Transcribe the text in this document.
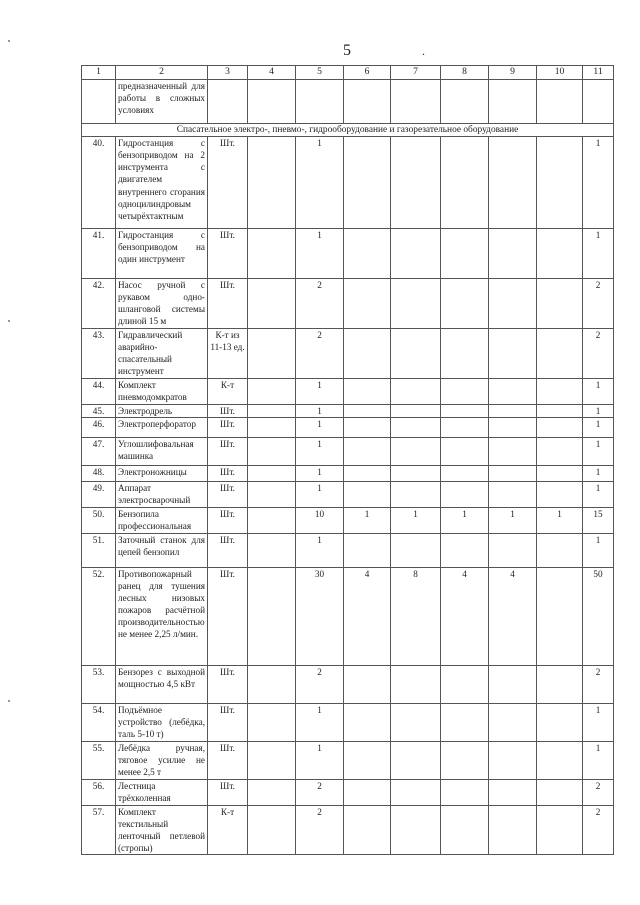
5	.
1	2	3	4	5	6	7	8	9	10	11
	предназначенный для работы в сложных условиях									
Спасательное электро-, пневмо-, гидрооборудование и газорезательное оборудование										
40.	Гидростанция с бензоприводом на 2 инструмента с двигателем внутреннего сгорания одноцилиндровым четырёхтактным	Шт.		1						1
41.	Гидростанция с бензоприводом на один инструмент	Шт.		1						1
42.	Насос ручной с рукавом одно-шланговой системы длиной 15 м	Шт.		2						2
43.	Гидравлический аварийно-спасательный инструмент	К-т из 11-13 ед.		2						2
44.	Комплект пневмодомкратов	К-т		1						1
45.	Электродрель	Шт.		1						1
46.	Электроперфоратор	Шт.		1						1
47.	Углошлифовальная машинка	Шт.		1						1
48.	Электроножницы	Шт.		1						1
49.	Аппарат электросварочный	Шт.		1						1
50.	Бензопила профессиональная	Шт.		10	1	1	1	1	1	15
51.	Заточный станок для цепей бензопил	Шт.		1						1
52.	Противопожарный ранец для тушения лесных низовых пожаров расчётной производительностью не менее 2,25 л/мин.	Шт.		30	4	8	4	4		50
53.	Бензорез с выходной мощностью 4,5 кВт	Шт.		2						2
54.	Подъёмное устройство (лебёдка, таль 5-10 т)	Шт.		1						1
55.	Лебёдка ручная, тяговое усилие не менее 2,5 т	Шт.		1						1
56.	Лестница трёхколенная	Шт.		2						2
57.	Комплект текстильный ленточный петлевой (стропы)	К-т		2						2
